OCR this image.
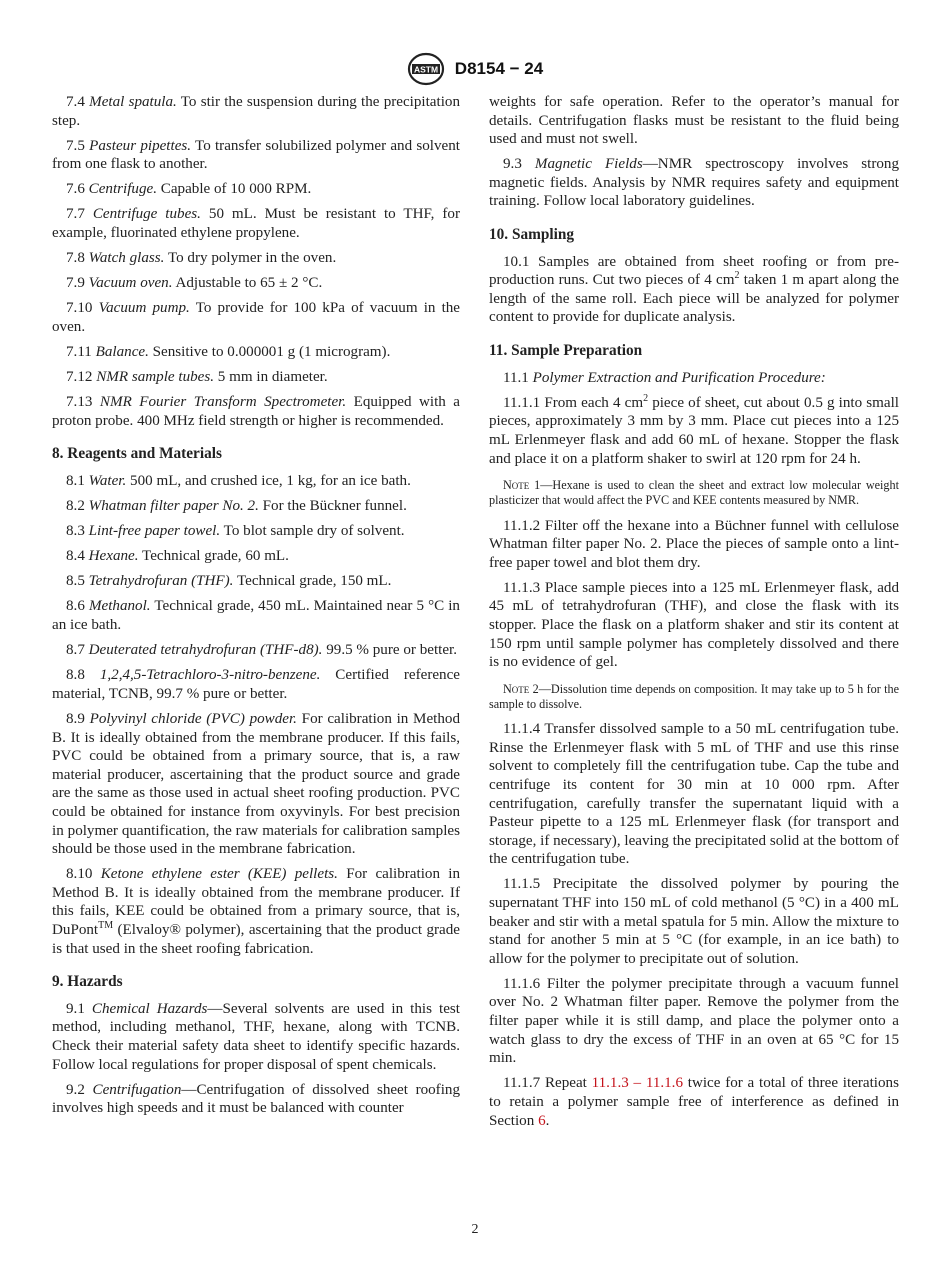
ASTM D8154 − 24

7.4 Metal spatula. To stir the suspension during the precipitation step.

7.5 Pasteur pipettes. To transfer solubilized polymer and solvent from one flask to another.

7.6 Centrifuge. Capable of 10 000 RPM.

7.7 Centrifuge tubes. 50 mL. Must be resistant to THF, for example, fluorinated ethylene propylene.

7.8 Watch glass. To dry polymer in the oven.

7.9 Vacuum oven. Adjustable to 65 ± 2 °C.

7.10 Vacuum pump. To provide for 100 kPa of vacuum in the oven.

7.11 Balance. Sensitive to 0.000001 g (1 microgram).

7.12 NMR sample tubes. 5 mm in diameter.

7.13 NMR Fourier Transform Spectrometer. Equipped with a proton probe. 400 MHz field strength or higher is recommended.

8. Reagents and Materials

8.1 Water. 500 mL, and crushed ice, 1 kg, for an ice bath.

8.2 Whatman filter paper No. 2. For the Bückner funnel.

8.3 Lint-free paper towel. To blot sample dry of solvent.

8.4 Hexane. Technical grade, 60 mL.

8.5 Tetrahydrofuran (THF). Technical grade, 150 mL.

8.6 Methanol. Technical grade, 450 mL. Maintained near 5 °C in an ice bath.

8.7 Deuterated tetrahydrofuran (THF-d8). 99.5 % pure or better.

8.8 1,2,4,5-Tetrachloro-3-nitro-benzene. Certified reference material, TCNB, 99.7 % pure or better.

8.9 Polyvinyl chloride (PVC) powder. For calibration in Method B. It is ideally obtained from the membrane producer. If this fails, PVC could be obtained from a primary source, that is, a raw material producer, ascertaining that the product source and grade are the same as those used in actual sheet roofing production. PVC could be obtained for instance from oxyvinyls. For best precision in polymer quantification, the raw materials for calibration samples should be those used in the membrane fabrication.

8.10 Ketone ethylene ester (KEE) pellets. For calibration in Method B. It is ideally obtained from the membrane producer. If this fails, KEE could be obtained from a primary source, that is, DuPont™ (Elvaloy® polymer), ascertaining that the product grade is that used in the sheet roofing fabrication.

9. Hazards

9.1 Chemical Hazards—Several solvents are used in this test method, including methanol, THF, hexane, along with TCNB. Check their material safety data sheet to identify specific hazards. Follow local regulations for proper disposal of spent chemicals.

9.2 Centrifugation—Centrifugation of dissolved sheet roofing involves high speeds and it must be balanced with counter

weights for safe operation. Refer to the operator’s manual for details. Centrifugation flasks must be resistant to the fluid being used and must not swell.

9.3 Magnetic Fields—NMR spectroscopy involves strong magnetic fields. Analysis by NMR requires safety and equipment training. Follow local laboratory guidelines.

10. Sampling

10.1 Samples are obtained from sheet roofing or from pre-production runs. Cut two pieces of 4 $cm^2$ taken 1 m apart along the length of the same roll. Each piece will be analyzed for polymer content to provide for duplicate analysis.

11. Sample Preparation

11.1 Polymer Extraction and Purification Procedure:

11.1.1 From each 4 $cm^2$ piece of sheet, cut about 0.5 g into small pieces, approximately 3 mm by 3 mm. Place cut pieces into a 125 mL Erlenmeyer flask and add 60 mL of hexane. Stopper the flask and place it on a platform shaker to swirl at 120 rpm for 24 h.

Note 1—Hexane is used to clean the sheet and extract low molecular weight plasticizer that would affect the PVC and KEE contents measured by NMR.

11.1.2 Filter off the hexane into a Büchner funnel with cellulose Whatman filter paper No. 2. Place the pieces of sample onto a lint-free paper towel and blot them dry.

11.1.3 Place sample pieces into a 125 mL Erlenmeyer flask, add 45 mL of tetrahydrofuran (THF), and close the flask with its stopper. Place the flask on a platform shaker and stir its content at 150 rpm until sample polymer has completely dissolved and there is no evidence of gel.

Note 2—Dissolution time depends on composition. It may take up to 5 h for the sample to dissolve.

11.1.4 Transfer dissolved sample to a 50 mL centrifugation tube. Rinse the Erlenmeyer flask with 5 mL of THF and use this rinse solvent to completely fill the centrifugation tube. Cap the tube and centrifuge its content for 30 min at 10 000 rpm. After centrifugation, carefully transfer the supernatant liquid with a Pasteur pipette to a 125 mL Erlenmeyer flask (for transport and storage, if necessary), leaving the precipitated solid at the bottom of the centrifugation tube.

11.1.5 Precipitate the dissolved polymer by pouring the supernatant THF into 150 mL of cold methanol (5 °C) in a 400 mL beaker and stir with a metal spatula for 5 min. Allow the mixture to stand for another 5 min at 5 °C (for example, in an ice bath) to allow for the polymer to precipitate out of solution.

11.1.6 Filter the polymer precipitate through a vacuum funnel over No. 2 Whatman filter paper. Remove the polymer from the filter paper while it is still damp, and place the polymer onto a watch glass to dry the excess of THF in an oven at 65 °C for 15 min.

11.1.7 Repeat 11.1.3 – 11.1.6 twice for a total of three iterations to retain a polymer sample free of interference as defined in Section 6.

2
